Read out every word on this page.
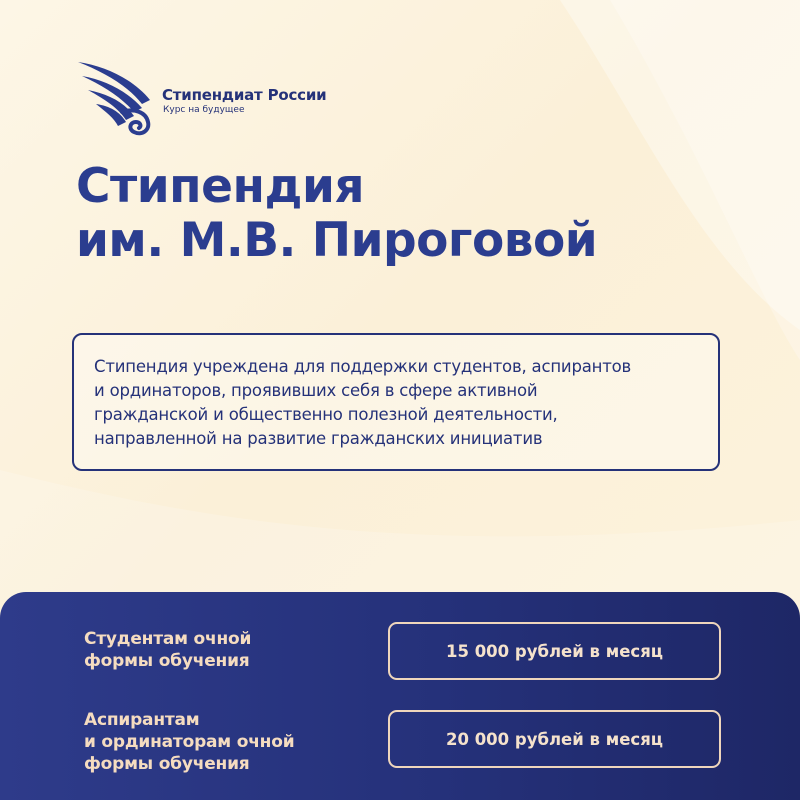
Стипендиат России
Курс на будущее
Стипендия
им. М.В. Пироговой
Стипендия учреждена для поддержки студентов, аспирантов
и ординаторов, проявивших себя в сфере активной
гражданской и общественно полезной деятельности,
направленной на развитие гражданских инициатив
Студентам очной
формы обучения	15 000 рублей в месяц
Аспирантам
и ординаторам очной
формы обучения
20 000 рублей в месяц
